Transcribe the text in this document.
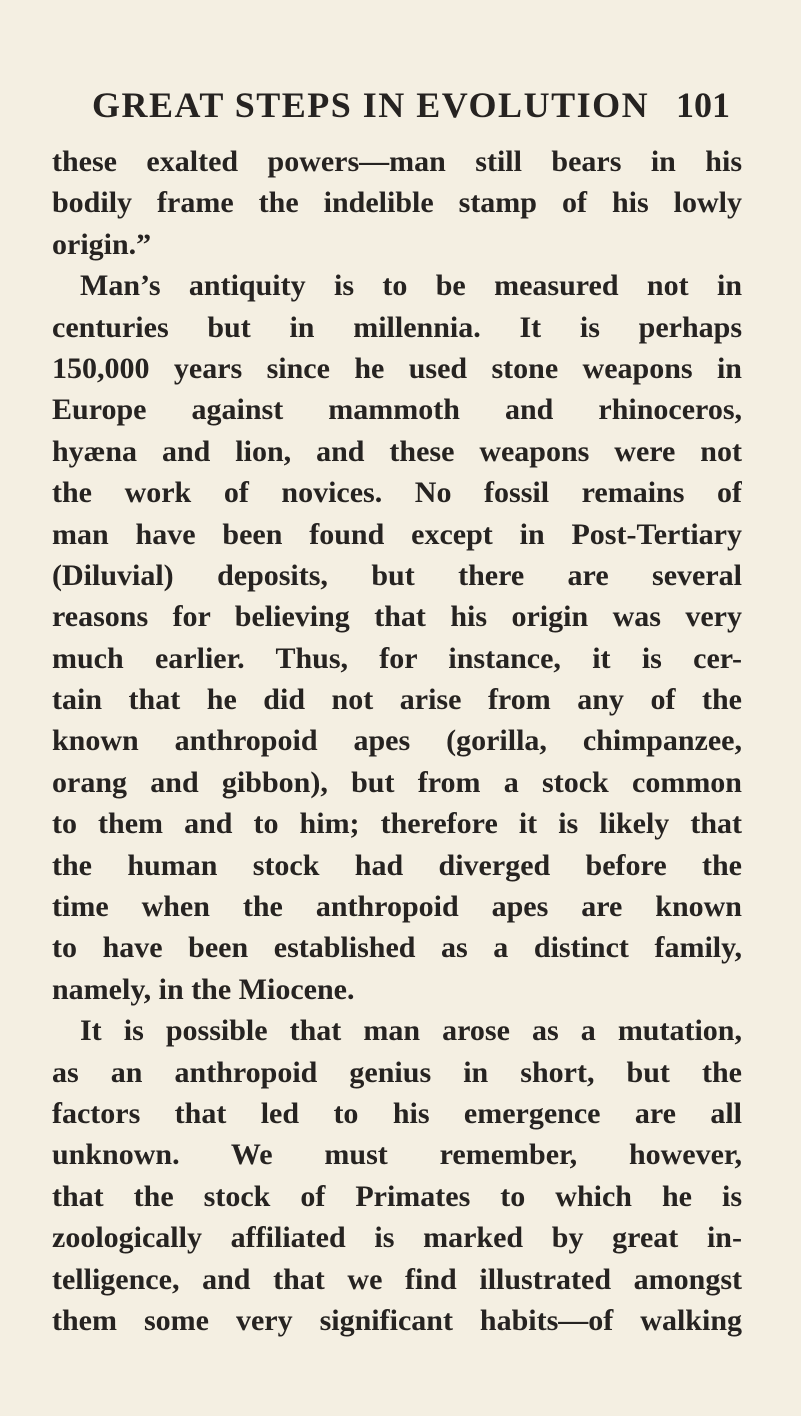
GREAT STEPS IN EVOLUTION 101
these exalted powers—man still bears in his
bodily frame the indelible stamp of his lowly
origin.”
Man’s antiquity is to be measured not in
centuries but in millennia. It is perhaps
150,000 years since he used stone weapons in
Europe against mammoth and rhinoceros,
hyæna and lion, and these weapons were not
the work of novices. No fossil remains of
man have been found except in Post-Tertiary
(Diluvial) deposits, but there are several
reasons for believing that his origin was very
much earlier. Thus, for instance, it is cer-
tain that he did not arise from any of the
known anthropoid apes (gorilla, chimpanzee,
orang and gibbon), but from a stock common
to them and to him; therefore it is likely that
the human stock had diverged before the
time when the anthropoid apes are known
to have been established as a distinct family,
namely, in the Miocene.
It is possible that man arose as a mutation,
as an anthropoid genius in short, but the
factors that led to his emergence are all
unknown. We must remember, however,
that the stock of Primates to which he is
zoologically affiliated is marked by great in-
telligence, and that we find illustrated amongst
them some very significant habits—of walking
